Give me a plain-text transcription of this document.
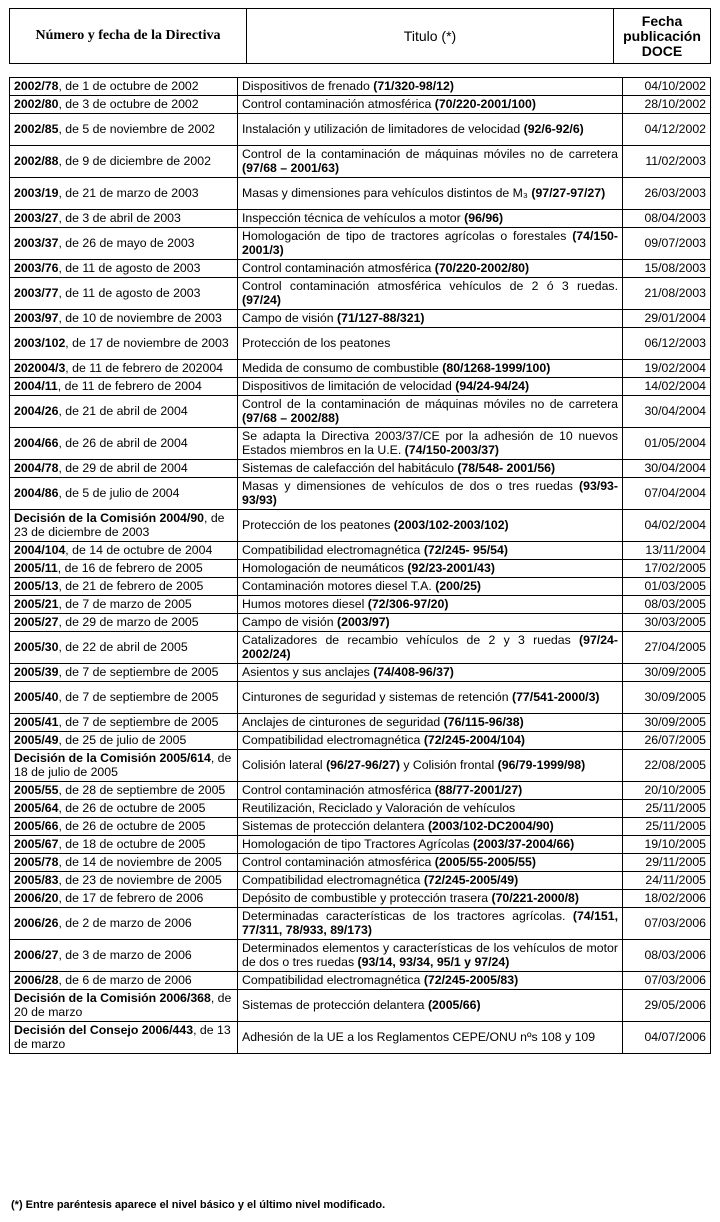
Número y fecha de la Directiva	Titulo (*)	Fecha
publicación
DOCE
2002/78, de 1 de octubre de 2002	Dispositivos de frenado (71/320-98/12)	04/10/2002
2002/80, de 3 de octubre de 2002	Control contaminación atmosférica (70/220-2001/100)	28/10/2002
2002/85, de 5 de noviembre de 2002	Instalación y utilización de limitadores de velocidad (92/6-92/6)	04/12/2002
2002/88, de 9 de diciembre de 2002	Control de la contaminación de máquinas móviles no de carretera (97/68 – 2001/63)	11/02/2003
2003/19, de 21 de marzo de 2003	Masas y dimensiones para vehículos distintos de M₃ (97/27-97/27)	26/03/2003
2003/27, de 3 de abril de 2003	Inspección técnica de vehículos a motor (96/96)	08/04/2003
2003/37, de 26 de mayo de 2003	Homologación de tipo de tractores agrícolas o forestales (74/150-2001/3)	09/07/2003
2003/76, de 11 de agosto de 2003	Control contaminación atmosférica (70/220-2002/80)	15/08/2003
2003/77, de 11 de agosto de 2003	Control contaminación atmosférica vehículos de 2 ó 3 ruedas. (97/24)	21/08/2003
2003/97, de 10 de noviembre de 2003	Campo de visión (71/127-88/321)	29/01/2004
2003/102, de 17 de noviembre de 2003	Protección de los peatones	06/12/2003
202004/3, de 11 de febrero de 202004	Medida de consumo de combustible (80/1268-1999/100)	19/02/2004
2004/11, de 11 de febrero de 2004	Dispositivos de limitación de velocidad (94/24-94/24)	14/02/2004
2004/26, de 21 de abril de 2004	Control de la contaminación de máquinas móviles no de carretera (97/68 – 2002/88)	30/04/2004
2004/66, de 26 de abril de 2004	Se adapta la Directiva 2003/37/CE por la adhesión de 10 nuevos Estados miembros en la U.E. (74/150-2003/37)	01/05/2004
2004/78, de 29 de abril de 2004	Sistemas de calefacción del habitáculo (78/548- 2001/56)	30/04/2004
2004/86, de 5 de julio de 2004	Masas y dimensiones de vehículos de dos o tres ruedas (93/93-93/93)	07/04/2004
Decisión de la Comisión 2004/90, de 23 de diciembre de 2003	Protección de los peatones (2003/102-2003/102)	04/02/2004
2004/104, de 14 de octubre de 2004	Compatibilidad electromagnética (72/245- 95/54)	13/11/2004
2005/11, de 16 de febrero de 2005	Homologación de neumáticos (92/23-2001/43)	17/02/2005
2005/13, de 21 de febrero de 2005	Contaminación motores diesel T.A. (200/25)	01/03/2005
2005/21, de 7 de marzo de 2005	Humos motores diesel (72/306-97/20)	08/03/2005
2005/27, de 29 de marzo de 2005	Campo de visión (2003/97)	30/03/2005
2005/30, de 22 de abril de 2005	Catalizadores de recambio vehículos de 2 y 3 ruedas (97/24-2002/24)	27/04/2005
2005/39, de 7 de septiembre de 2005	Asientos y sus anclajes (74/408-96/37)	30/09/2005
2005/40, de 7 de septiembre de 2005	Cinturones de seguridad y sistemas de retención (77/541-2000/3)	30/09/2005
2005/41, de 7 de septiembre de 2005	Anclajes de cinturones de seguridad (76/115-96/38)	30/09/2005
2005/49, de 25 de julio de 2005	Compatibilidad electromagnética (72/245-2004/104)	26/07/2005
Decisión de la Comisión 2005/614, de 18 de julio de 2005	Colisión lateral (96/27-96/27) y Colisión frontal (96/79-1999/98)	22/08/2005
2005/55, de 28 de septiembre de 2005	Control contaminación atmosférica (88/77-2001/27)	20/10/2005
2005/64, de 26 de octubre de 2005	Reutilización, Reciclado y Valoración de vehículos	25/11/2005
2005/66, de 26 de octubre de 2005	Sistemas de protección delantera (2003/102-DC2004/90)	25/11/2005
2005/67, de 18 de octubre de 2005	Homologación de tipo Tractores Agrícolas (2003/37-2004/66)	19/10/2005
2005/78, de 14 de noviembre de 2005	Control contaminación atmosférica (2005/55-2005/55)	29/11/2005
2005/83, de 23 de noviembre de 2005	Compatibilidad electromagnética (72/245-2005/49)	24/11/2005
2006/20, de 17 de febrero de 2006	Depósito de combustible y protección trasera (70/221-2000/8)	18/02/2006
2006/26, de 2 de marzo de 2006	Determinadas características de los tractores agrícolas. (74/151, 77/311, 78/933, 89/173)	07/03/2006
2006/27, de 3 de marzo de 2006	Determinados elementos y características de los vehículos de motor de dos o tres ruedas (93/14, 93/34, 95/1 y 97/24)	08/03/2006
2006/28, de 6 de marzo de 2006	Compatibilidad electromagnética (72/245-2005/83)	07/03/2006
Decisión de la Comisión 2006/368, de 20 de marzo	Sistemas de protección delantera (2005/66)	29/05/2006
Decisión del Consejo 2006/443, de 13 de marzo	Adhesión de la UE a los Reglamentos CEPE/ONU nºs 108 y 109	04/07/2006
(*) Entre paréntesis aparece el nivel básico y el último nivel modificado.
